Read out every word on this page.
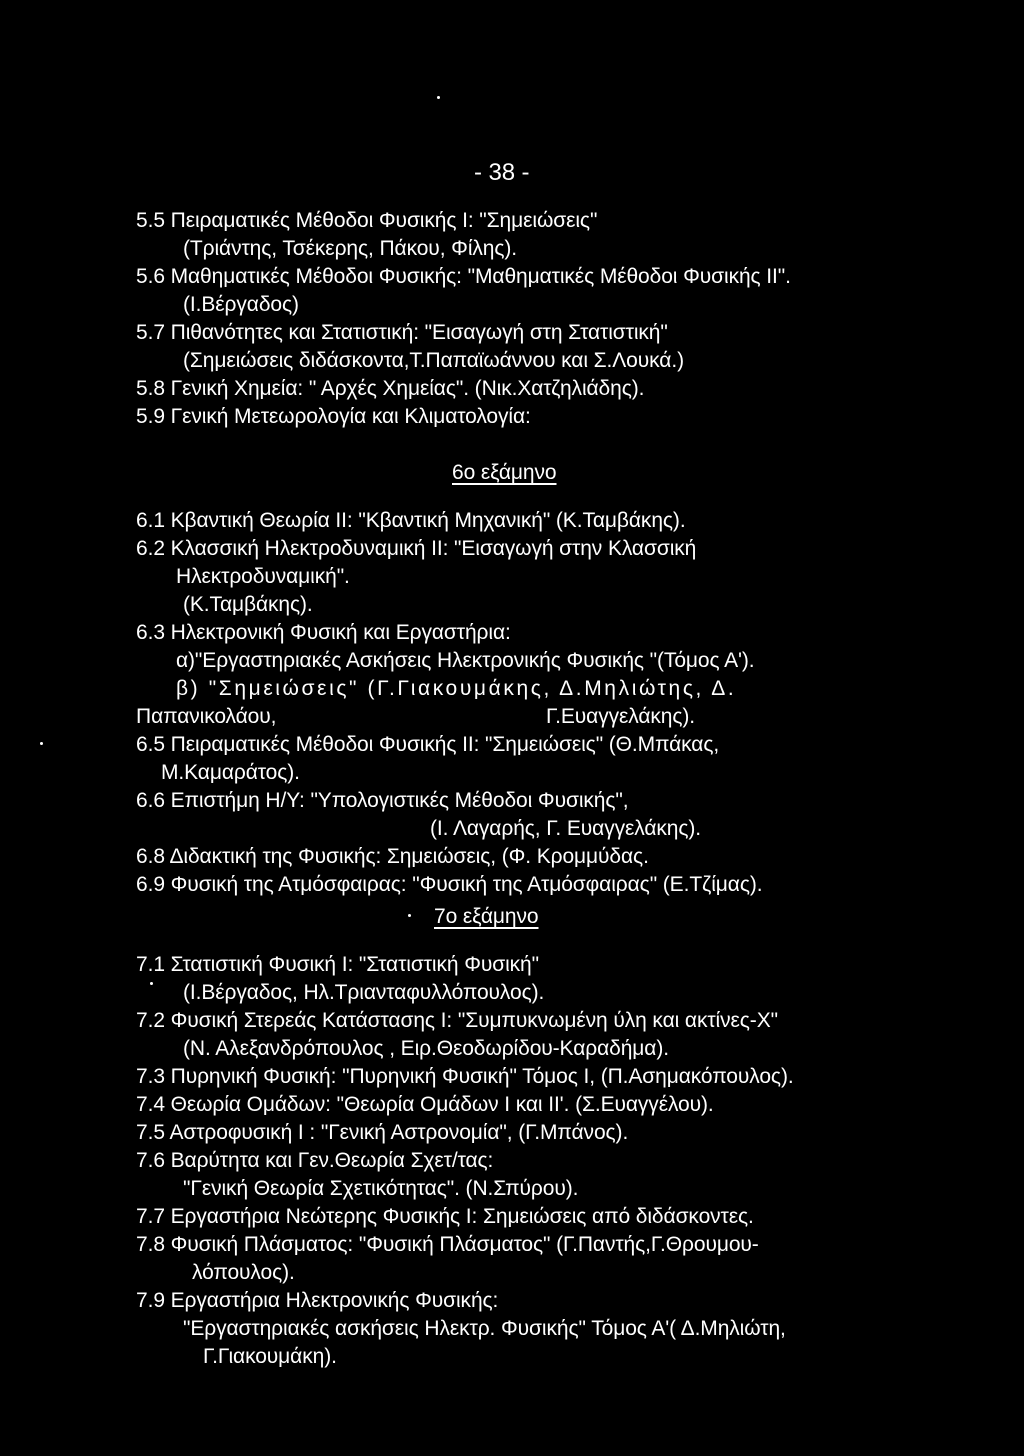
- 38 -
5.5 Πειραματικές Μέθοδοι Φυσικής Ι: "Σημειώσεις"
(Τριάντης, Τσέκερης, Πάκου, Φίλης).
5.6 Μαθηματικές Μέθοδοι Φυσικής: "Μαθηματικές Μέθοδοι Φυσικής ΙΙ".
(Ι.Βέργαδος)
5.7 Πιθανότητες και Στατιστική: "Εισαγωγή στη Στατιστική"
(Σημειώσεις διδάσκοντα,Τ.Παπαϊωάννου και Σ.Λουκά.)
5.8 Γενική Χημεία: " Αρχές Χημείας". (Νικ.Χατζηλιάδης).
5.9 Γενική Μετεωρολογία και Κλιματολογία:
6ο εξάμηνο
6.1 Κβαντική Θεωρία ΙΙ: "Κβαντική Μηχανική" (Κ.Ταμβάκης).
6.2 Κλασσική Ηλεκτροδυναμική ΙΙ: "Εισαγωγή στην Κλασσική
Ηλεκτροδυναμική".
(Κ.Ταμβάκης).
6.3 Ηλεκτρονική Φυσική και Εργαστήρια:
α)"Εργαστηριακές Ασκήσεις Ηλεκτρονικής Φυσικής "(Τόμος Α').
β) "Σημειώσεις" (Γ.Γιακουμάκης, Δ.Μηλιώτης, Δ.
Παπανικολάου,	Γ.Ευαγγελάκης).
6.5 Πειραματικές Μέθοδοι Φυσικής ΙΙ: "Σημειώσεις" (Θ.Μπάκας,
Μ.Καμαράτος).
6.6 Επιστήμη Η/Υ: "Υπολογιστικές Μέθοδοι Φυσικής",
(Ι. Λαγαρής, Γ. Ευαγγελάκης).
6.8 Διδακτική της Φυσικής: Σημειώσεις, (Φ. Κρομμύδας.
6.9 Φυσική της Ατμόσφαιρας: "Φυσική της Ατμόσφαιρας" (Ε.Τζίμας).
7ο εξάμηνο
7.1 Στατιστική Φυσική Ι: "Στατιστική Φυσική"
(Ι.Βέργαδος, Ηλ.Τριανταφυλλόπουλος).
7.2 Φυσική Στερεάς Κατάστασης Ι: "Συμπυκνωμένη ύλη και ακτίνες-Χ"
(Ν. Αλεξανδρόπουλος , Ειρ.Θεοδωρίδου-Καραδήμα).
7.3 Πυρηνική Φυσική: "Πυρηνική Φυσική" Τόμος Ι, (Π.Ασημακόπουλος).
7.4 Θεωρία Ομάδων: "Θεωρία Ομάδων Ι και ΙΙ'. (Σ.Ευαγγέλου).
7.5 Αστροφυσική Ι : "Γενική Αστρονομία", (Γ.Μπάνος).
7.6 Βαρύτητα και Γεν.Θεωρία Σχετ/τας:
"Γενική Θεωρία Σχετικότητας". (Ν.Σπύρου).
7.7 Εργαστήρια Νεώτερης Φυσικής Ι: Σημειώσεις από διδάσκοντες.
7.8 Φυσική Πλάσματος: "Φυσική Πλάσματος" (Γ.Παντής,Γ.Θρουμου-
λόπουλος).
7.9 Εργαστήρια Ηλεκτρονικής Φυσικής:
"Εργαστηριακές ασκήσεις Ηλεκτρ. Φυσικής" Τόμος Α'( Δ.Μηλιώτη,
Γ.Γιακουμάκη).
